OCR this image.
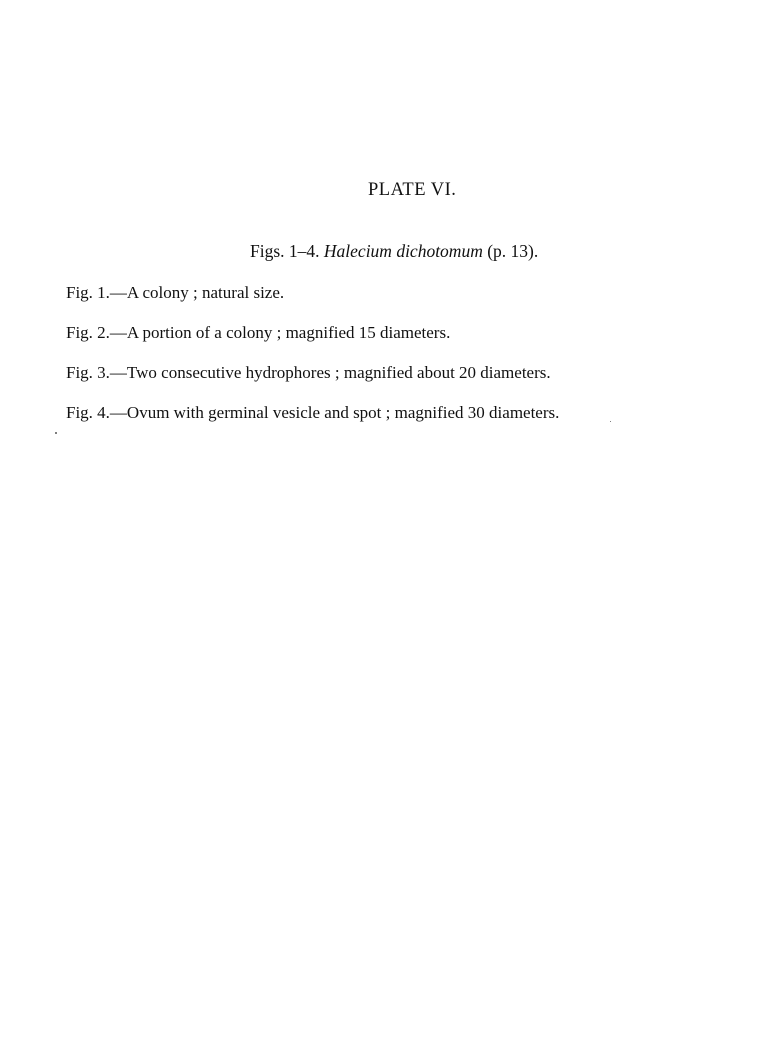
PLATE VI.
Figs. 1–4. Halecium dichotomum (p. 13).
Fig. 1.—A colony ; natural size.
Fig. 2.—A portion of a colony ; magnified 15 diameters.
Fig. 3.—Two consecutive hydrophores ; magnified about 20 diameters.
Fig. 4.—Ovum with germinal vesicle and spot ; magnified 30 diameters.
